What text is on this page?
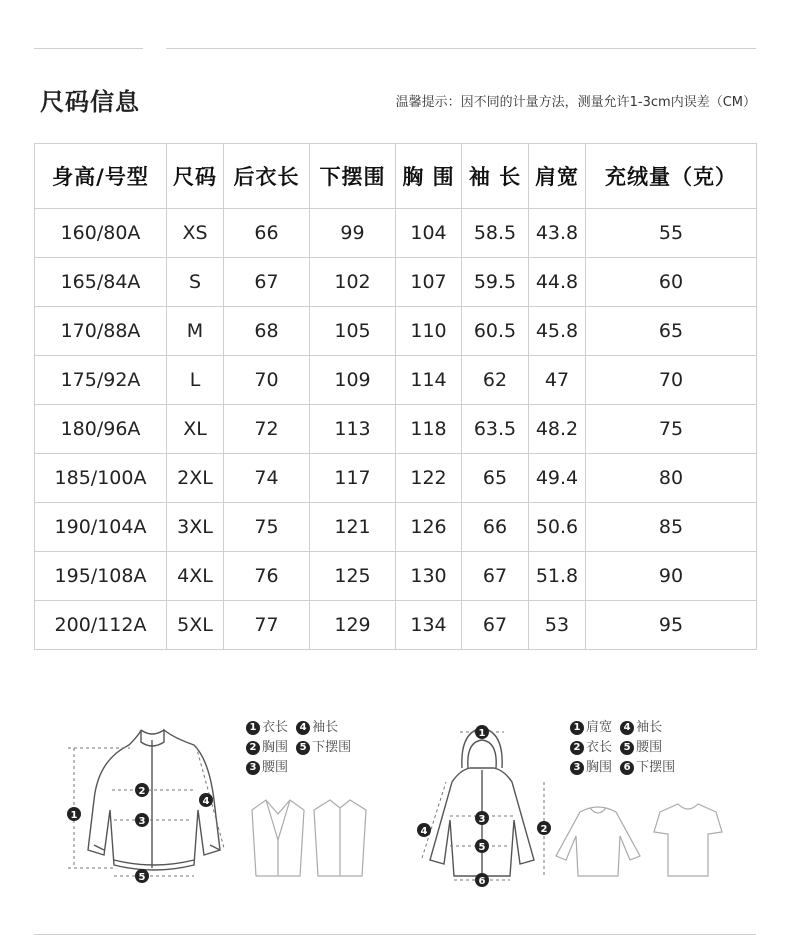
尺码信息	温馨提示：因不同的计量方法，测量允许1-3cm内误差（CM）
身高/号型	尺码	后衣长	下摆围	胸 围	袖 长	肩宽	充绒量（克）
160/80A	XS	66	99	104	58.5	43.8	55
165/84A	S	67	102	107	59.5	44.8	60
170/88A	M	68	105	110	60.5	45.8	65
175/92A	L	70	109	114	62	47	70
180/96A	XL	72	113	118	63.5	48.2	75
185/100A	2XL	74	117	122	65	49.4	80
190/104A	3XL	75	121	126	66	50.6	85
195/108A	4XL	76	125	130	67	51.8	90
200/112A	5XL	77	129	134	67	53	95
1
2
3
4
5
1 衣长 4 袖长
2 胸围 5 下摆围
3 腰围
1
2
3
4
5
6
1 肩宽 4 袖长
2 衣长 5 腰围
3 胸围 6 下摆围
